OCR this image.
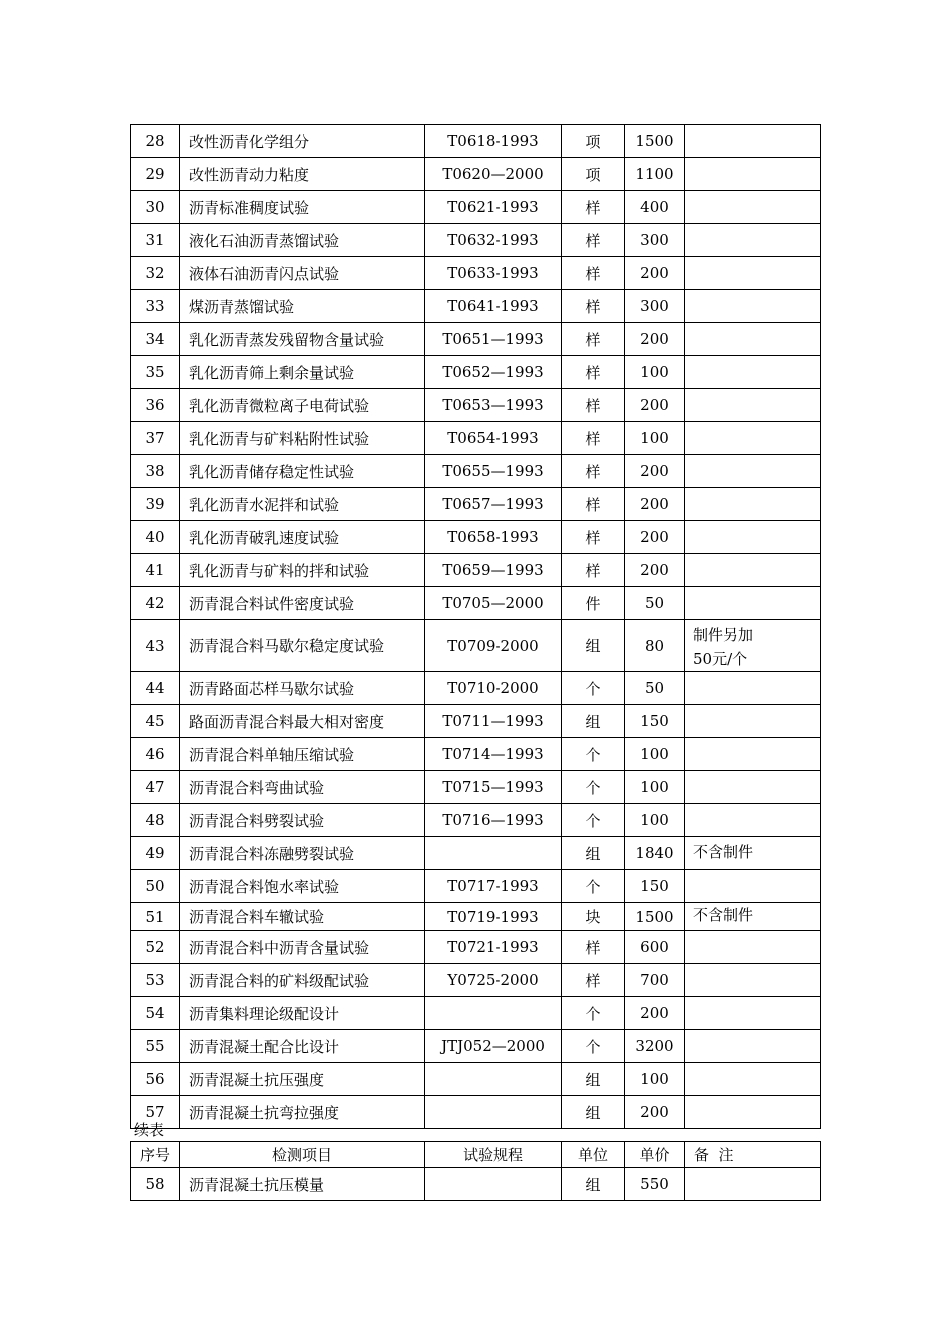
28	改性沥青化学组分	T0618-1993	项	1500	

29	改性沥青动力粘度	T0620—2000	项	1100	

30	沥青标准稠度试验	T0621-1993	样	400	

31	液化石油沥青蒸馏试验	T0632-1993	样	300	

32	液体石油沥青闪点试验	T0633-1993	样	200	

33	煤沥青蒸馏试验	T0641-1993	样	300	

34	乳化沥青蒸发残留物含量试验	T0651—1993	样	200	

35	乳化沥青筛上剩余量试验	T0652—1993	样	100	

36	乳化沥青微粒离子电荷试验	T0653—1993	样	200	

37	乳化沥青与矿料粘附性试验	T0654-1993	样	100	

38	乳化沥青储存稳定性试验	T0655—1993	样	200	

39	乳化沥青水泥拌和试验	T0657—1993	样	200	

40	乳化沥青破乳速度试验	T0658-1993	样	200	

41	乳化沥青与矿料的拌和试验	T0659—1993	样	200	

42	沥青混合料试件密度试验	T0705—2000	件	50	

43	沥青混合料马歇尔稳定度试验	T0709-2000	组	80	制件另加
50元/个

44	沥青路面芯样马歇尔试验	T0710-2000	个	50	

45	路面沥青混合料最大相对密度	T0711—1993	组	150	

46	沥青混合料单轴压缩试验	T0714—1993	个	100	

47	沥青混合料弯曲试验	T0715—1993	个	100	

48	沥青混合料劈裂试验	T0716—1993	个	100	

49	沥青混合料冻融劈裂试验		组	1840	不含制件

50	沥青混合料饱水率试验	T0717-1993	个	150	

51	沥青混合料车辙试验	T0719-1993	块	1500	不含制件

52	沥青混合料中沥青含量试验	T0721-1993	样	600	

53	沥青混合料的矿料级配试验	Y0725-2000	样	700	

54	沥青集料理论级配设计		个	200	

55	沥青混凝土配合比设计	JTJ052—2000	个	3200	

56	沥青混凝土抗压强度		组	100	

57	沥青混凝土抗弯拉强度		组	200	
续表
序号	检测项目	试验规程	单位	单价	备  注
58	沥青混凝土抗压模量		组	550	
